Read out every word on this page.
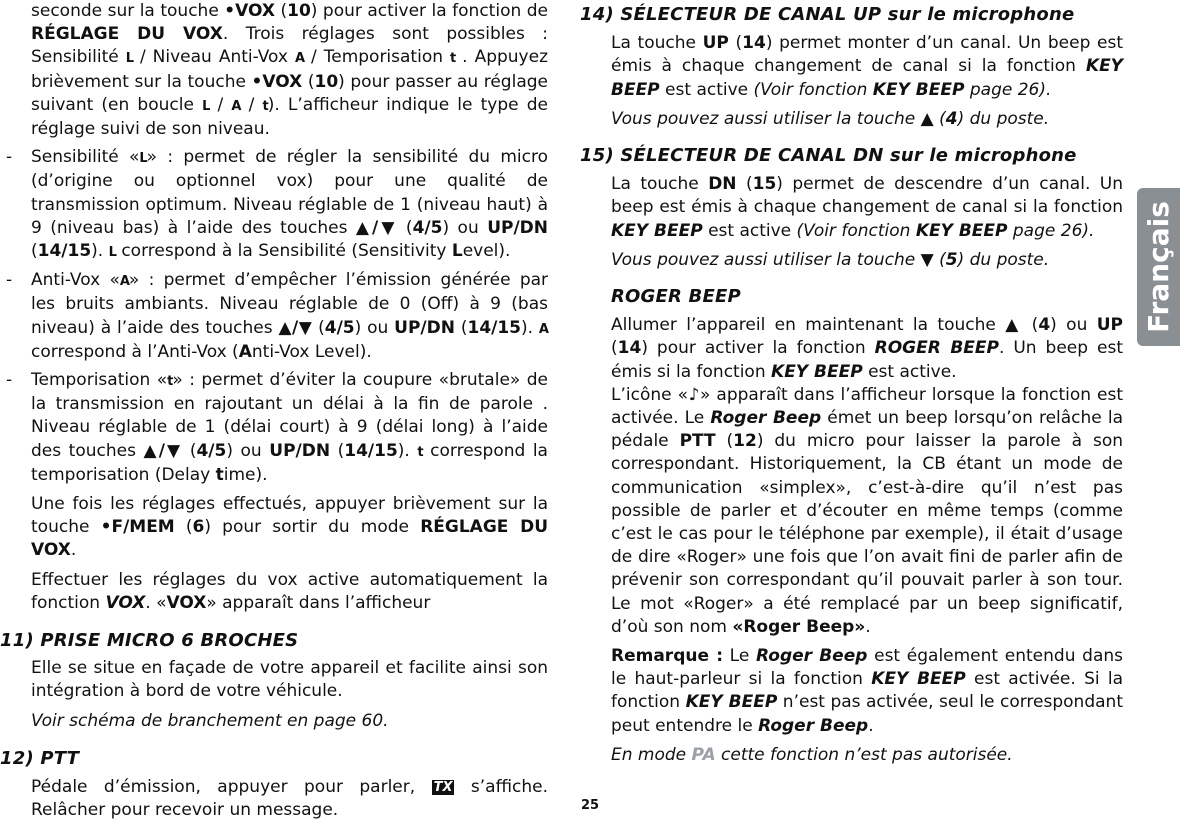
seconde sur la touche •VOX (10) pour activer la fonction de RÉGLAGE DU VOX. Trois réglages sont possibles : Sensibilité L / Niveau Anti-Vox A / Temporisation t . Appuyez brièvement sur la touche •VOX (10) pour passer au réglage suivant (en boucle L / A / t). L’afficheur indique le type de réglage suivi de son niveau.

- Sensibilité «L» : permet de régler la sensibilité du micro (d’origine ou optionnel vox) pour une qualité de transmission optimum. Niveau réglable de 1 (niveau haut) à 9 (niveau bas) à l’aide des touches ▲/▼ (4/5) ou UP/DN (14/15). L correspond à la Sensibilité (Sensitivity Level).

- Anti-Vox «A» : permet d’empêcher l’émission générée par les bruits ambiants. Niveau réglable de 0 (Off) à 9 (bas niveau) à l’aide des touches ▲/▼ (4/5) ou UP/DN (14/15). A correspond à l’Anti-Vox (Anti-Vox Level).

- Temporisation «t» : permet d’éviter la coupure «brutale» de la transmission en rajoutant un délai à la fin de parole . Niveau réglable de 1 (délai court) à 9 (délai long) à l’aide des touches ▲/▼ (4/5) ou UP/DN (14/15). t correspond la temporisation (Delay time).

Une fois les réglages effectués, appuyer brièvement sur la touche •F/MEM (6) pour sortir du mode RÉGLAGE DU VOX.

Effectuer les réglages du vox active automatiquement la fonction VOX. «VOX» apparaît dans l’afficheur

11) PRISE MICRO 6 BROCHES

Elle se situe en façade de votre appareil et facilite ainsi son intégration à bord de votre véhicule.

Voir schéma de branchement en page 60.

12) PTT

Pédale d’émission, appuyer pour parler, TX s’affiche. Relâcher pour recevoir un message.

14) SÉLECTEUR DE CANAL UP sur le microphone

La touche UP (14) permet monter d’un canal. Un beep est émis à chaque changement de canal si la fonction KEY BEEP est active (Voir fonction KEY BEEP page 26).

Vous pouvez aussi utiliser la touche ▲ (4) du poste.

15) SÉLECTEUR DE CANAL DN sur le microphone

La touche DN (15) permet de descendre d’un canal. Un beep est émis à chaque changement de canal si la fonction KEY BEEP est active (Voir fonction KEY BEEP page 26).

Vous pouvez aussi utiliser la touche ▼ (5) du poste.

ROGER BEEP

Allumer l’appareil en maintenant la touche ▲ (4) ou UP (14) pour activer la fonction ROGER BEEP. Un beep est émis si la fonction KEY BEEP est active.

L’icône «♪» apparaît dans l’afficheur lorsque la fonction est activée. Le Roger Beep émet un beep lorsqu’on relâche la pédale PTT (12) du micro pour laisser la parole à son correspondant. Historiquement, la CB étant un mode de communication «simplex», c’est-à-dire qu’il n’est pas possible de parler et d’écouter en même temps (comme c’est le cas pour le téléphone par exemple), il était d’usage de dire «Roger» une fois que l’on avait fini de parler afin de prévenir son correspondant qu’il pouvait parler à son tour. Le mot «Roger» a été remplacé par un beep significatif, d’où son nom «Roger Beep».

Remarque : Le Roger Beep est également entendu dans le haut-parleur si la fonction KEY BEEP est activée. Si la fonction KEY BEEP n’est pas activée, seul le correspondant peut entendre le Roger Beep.

En mode PA cette fonction n’est pas autorisée.

Français
25
